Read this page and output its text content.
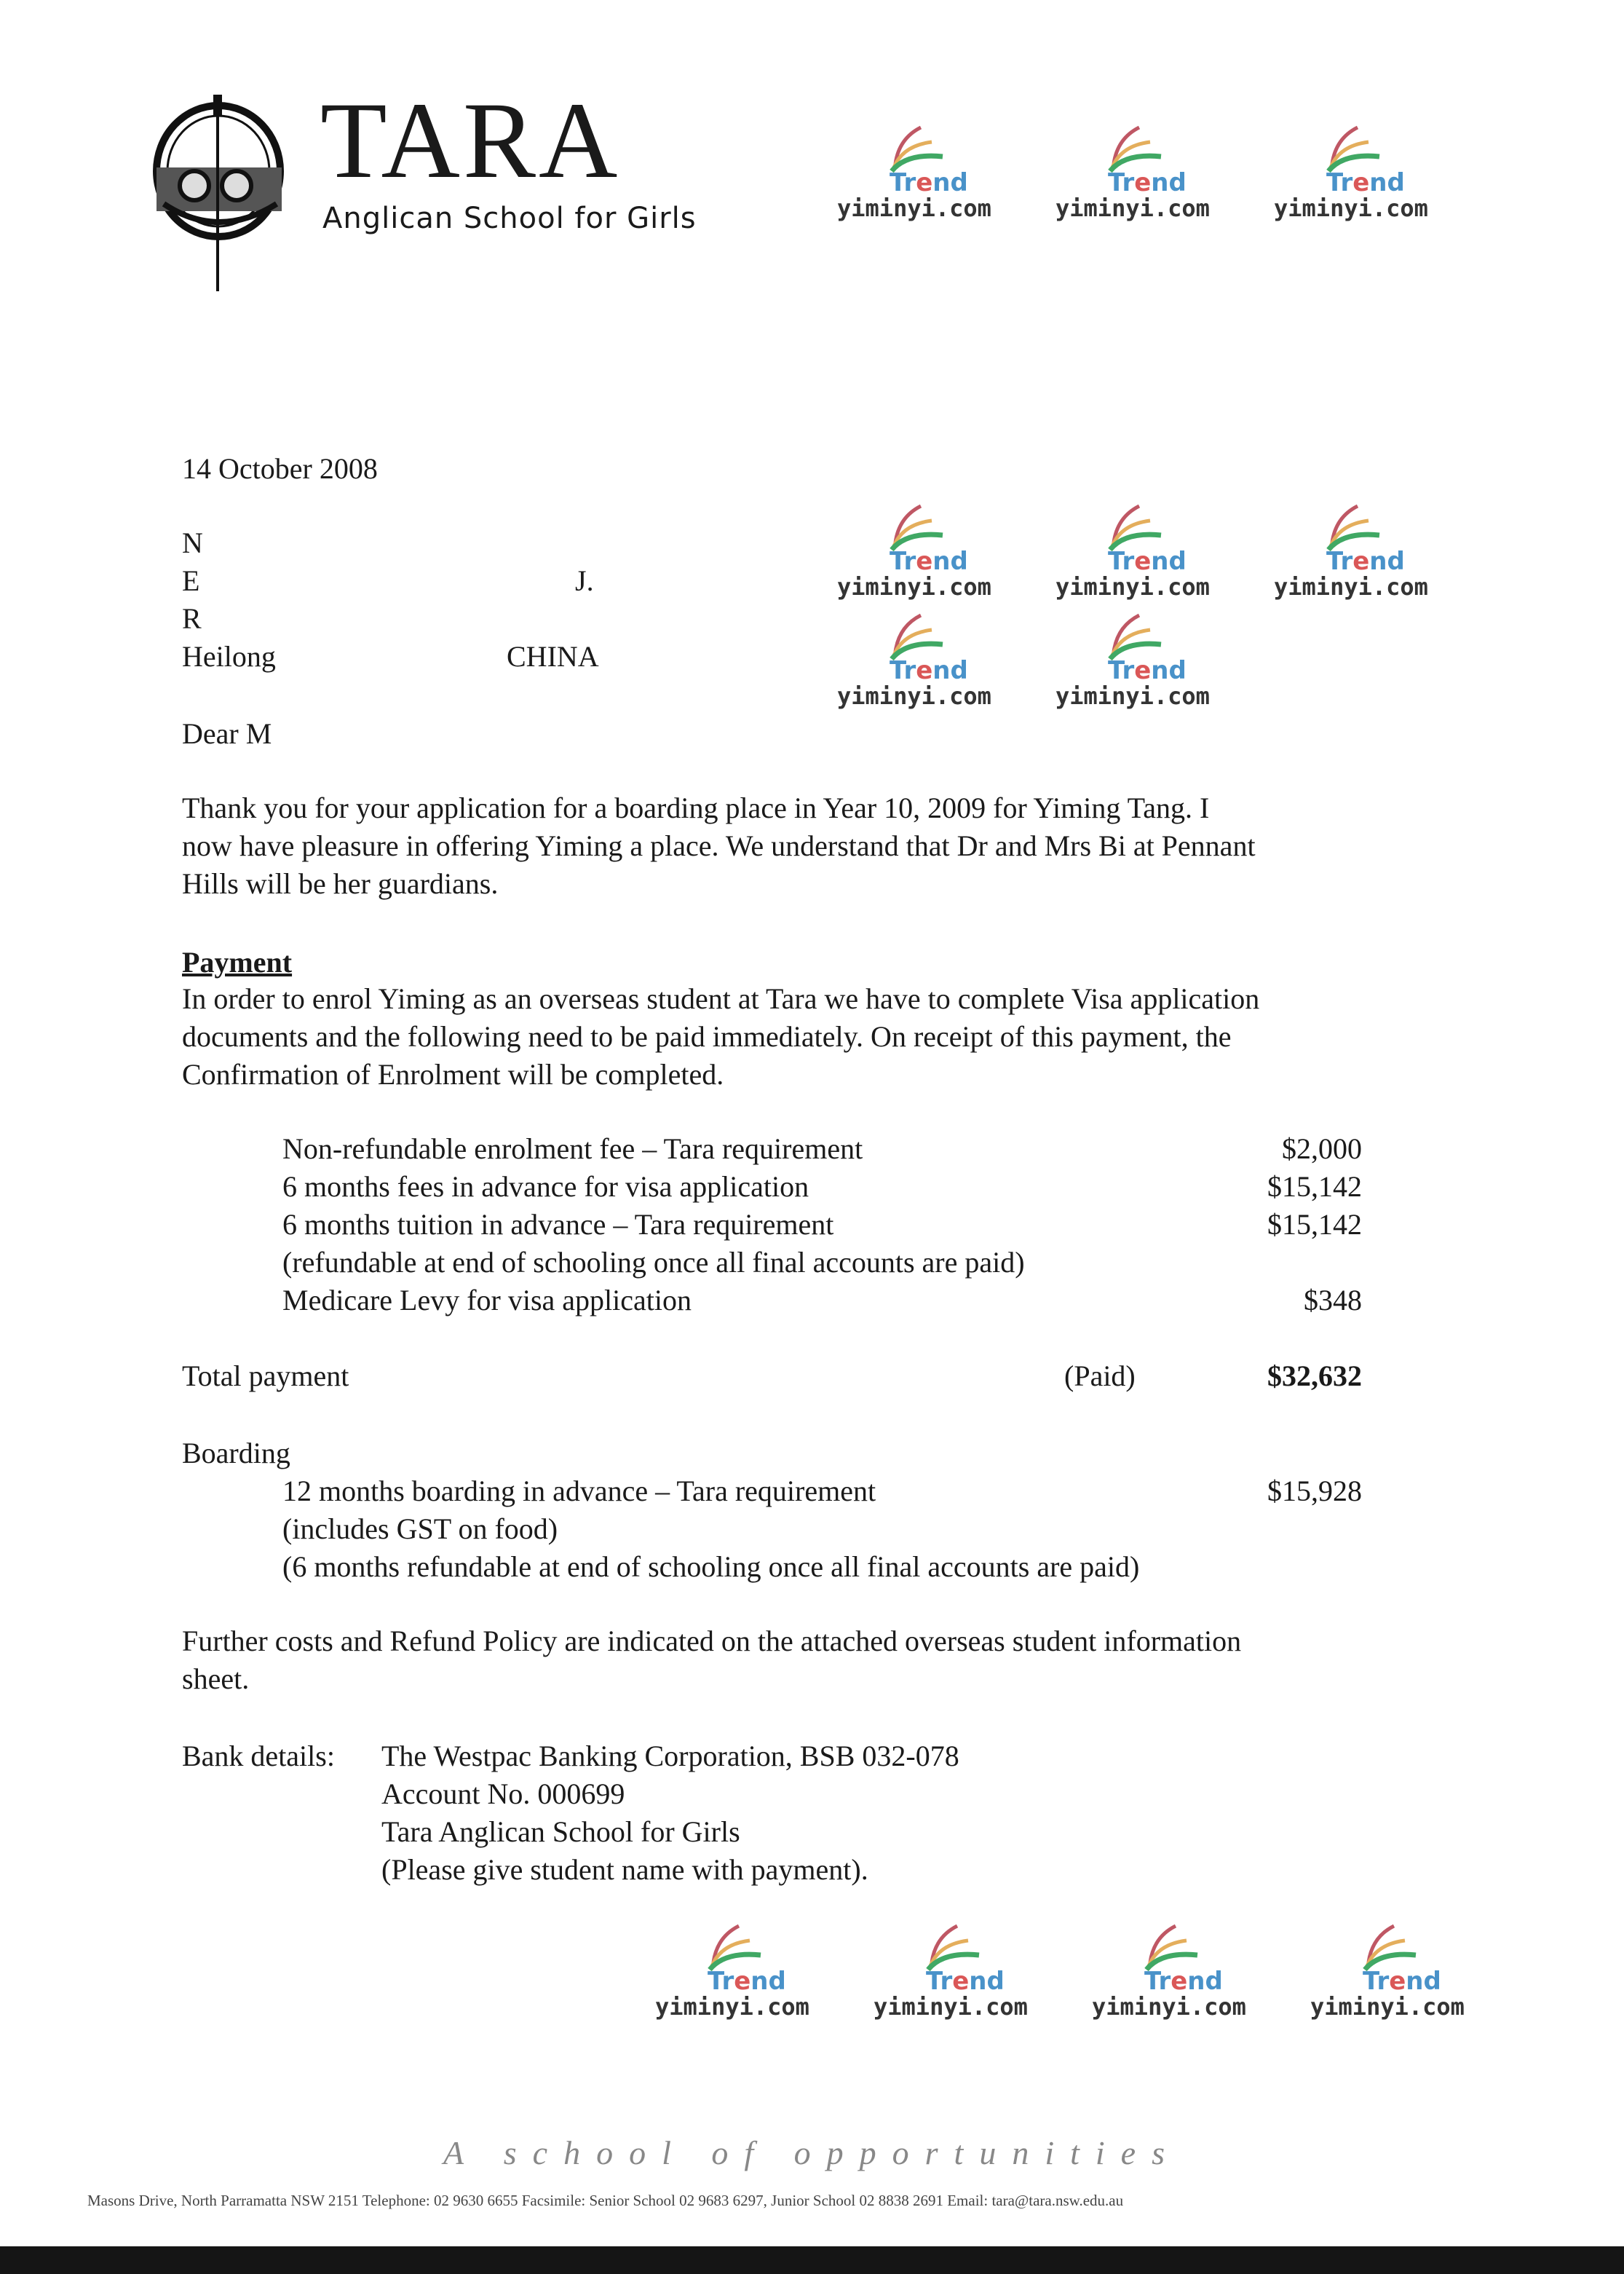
TARA
Anglican School for Girls
14 October 2008
N
E	J.
R
Heilong	CHINA
Dear M
Thank you for your application for a boarding place in Year 10, 2009 for Yiming Tang. I
now have pleasure in offering Yiming a place. We understand that Dr and Mrs Bi at Pennant
Hills will be her guardians.
Payment
In order to enrol Yiming as an overseas student at Tara we have to complete Visa application
documents and the following need to be paid immediately. On receipt of this payment, the
Confirmation of Enrolment will be completed.
Non-refundable enrolment fee – Tara requirement	$2,000
6 months fees in advance for visa application	$15,142
6 months tuition in advance – Tara requirement	$15,142
(refundable at end of schooling once all final accounts are paid)
Medicare Levy for visa application	$348
Total payment	(Paid)	$32,632
Boarding
12 months boarding in advance – Tara requirement	$15,928
(includes GST on food)
(6 months refundable at end of schooling once all final accounts are paid)
Further costs and Refund Policy are indicated on the attached overseas student information
sheet.
Bank details: The Westpac Banking Corporation, BSB 032-078
Account No. 000699
Tara Anglican School for Girls
(Please give student name with payment).
Trend
yiminyi.com
Trend
yiminyi.com
Trend
yiminyi.com
Trend
yiminyi.com
Trend
yiminyi.com
Trend
yiminyi.com
Trend
yiminyi.com
Trend
yiminyi.com
Trend
yiminyi.com
Trend
yiminyi.com
Trend
yiminyi.com
Trend
yiminyi.com
A school of opportunities
Masons Drive, North Parramatta NSW 2151 Telephone: 02 9630 6655 Facsimile: Senior School 02 9683 6297, Junior School 02 8838 2691 Email: tara@tara.nsw.edu.au
